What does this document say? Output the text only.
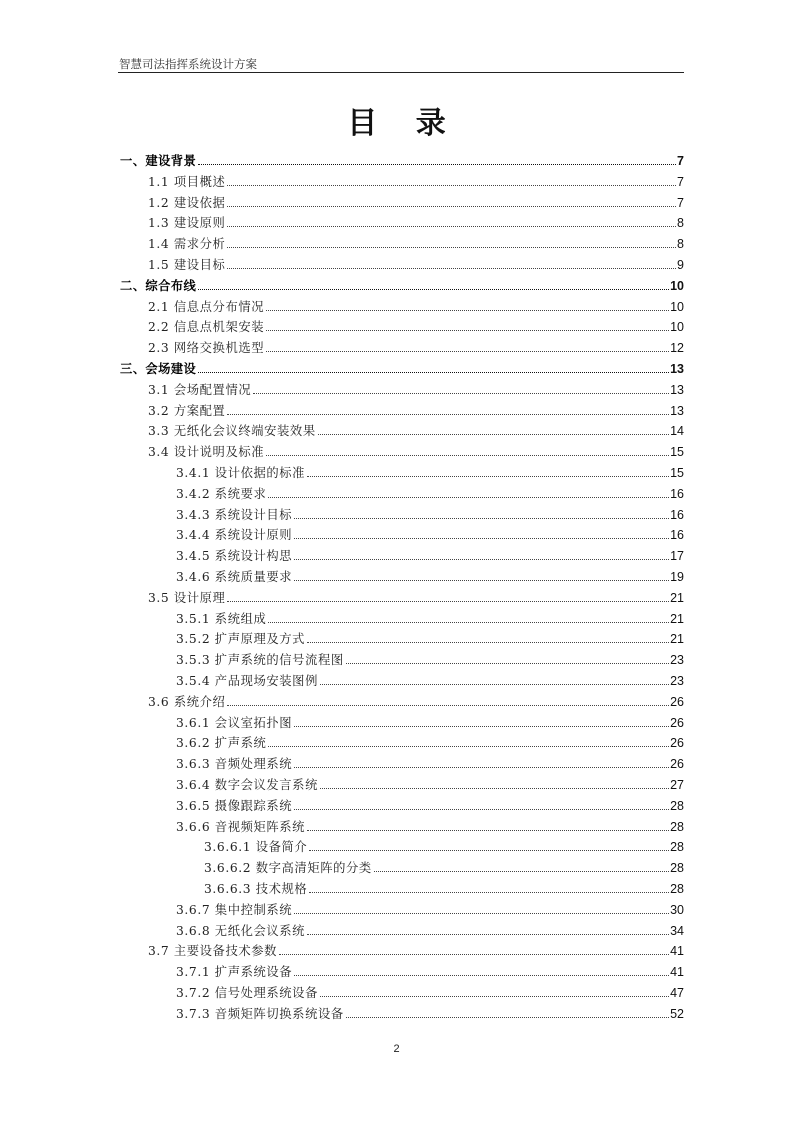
智慧司法指挥系统设计方案
目 录
一、建设背景	7
1.1 项目概述	7
1.2 建设依据	7
1.3 建设原则	8
1.4 需求分析	8
1.5 建设目标	9
二、综合布线	10
2.1 信息点分布情况	10
2.2 信息点机架安装	10
2.3 网络交换机选型	12
三、会场建设	13
3.1 会场配置情况	13
3.2 方案配置	13
3.3 无纸化会议终端安装效果	14
3.4 设计说明及标准	15
3.4.1 设计依据的标准	15
3.4.2 系统要求	16
3.4.3 系统设计目标	16
3.4.4 系统设计原则	16
3.4.5 系统设计构思	17
3.4.6 系统质量要求	19
3.5 设计原理	21
3.5.1 系统组成	21
3.5.2 扩声原理及方式	21
3.5.3 扩声系统的信号流程图	23
3.5.4 产品现场安装图例	23
3.6 系统介绍	26
3.6.1 会议室拓扑图	26
3.6.2 扩声系统	26
3.6.3 音频处理系统	26
3.6.4 数字会议发言系统	27
3.6.5 摄像跟踪系统	28
3.6.6 音视频矩阵系统	28
3.6.6.1 设备简介	28
3.6.6.2 数字高清矩阵的分类	28
3.6.6.3 技术规格	28
3.6.7 集中控制系统	30
3.6.8 无纸化会议系统	34
3.7 主要设备技术参数	41
3.7.1 扩声系统设备	41
3.7.2 信号处理系统设备	47
3.7.3 音频矩阵切换系统设备	52
2
